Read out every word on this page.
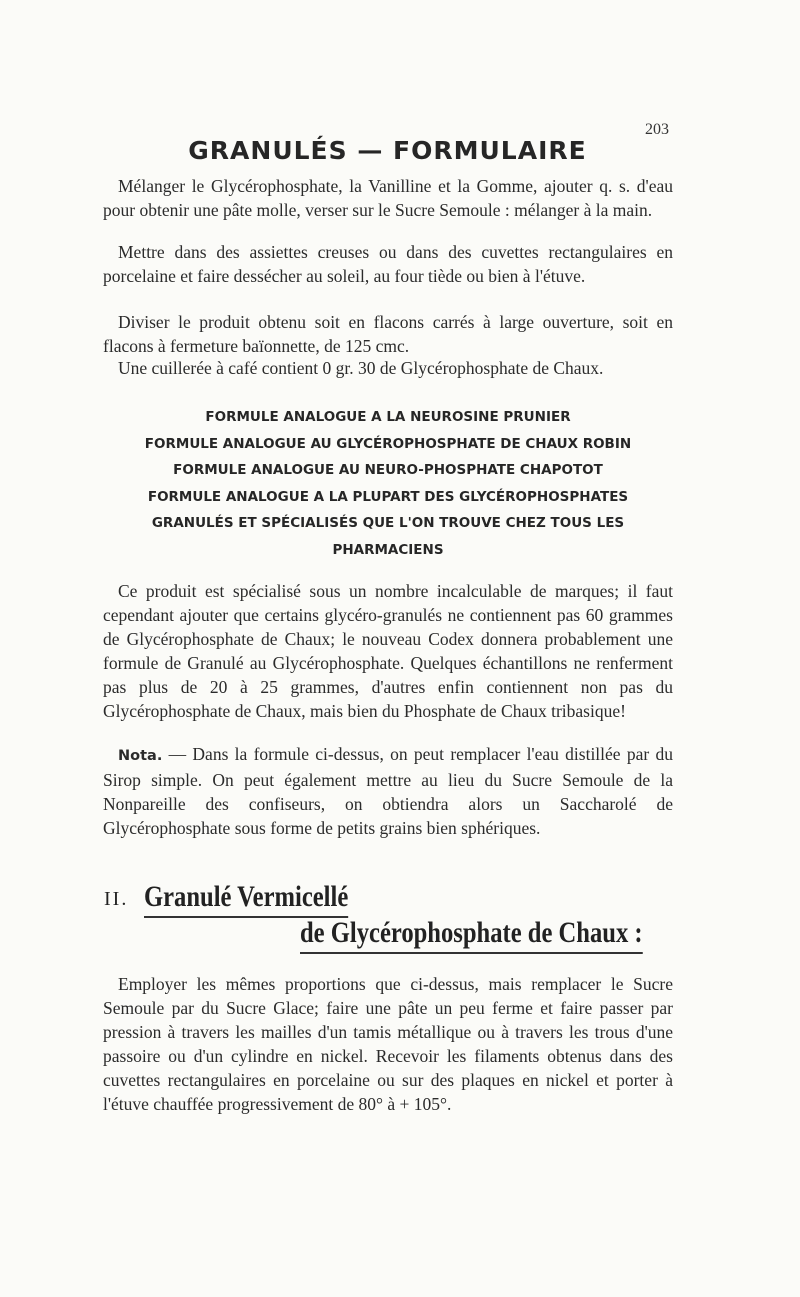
203
GRANULÉS — FORMULAIRE

Mélanger le Glycérophosphate, la Vanilline et la Gomme, ajouter q. s. d'eau pour obtenir une pâte molle, verser sur le Sucre Semoule : mélanger à la main.

Mettre dans des assiettes creuses ou dans des cuvettes rectangulaires en porcelaine et faire dessécher au soleil, au four tiède ou bien à l'étuve.

Diviser le produit obtenu soit en flacons carrés à large ouverture, soit en flacons à fermeture baïonnette, de 125 cmc.

Une cuillerée à café contient 0 gr. 30 de Glycérophosphate de Chaux.

FORMULE ANALOGUE A LA NEUROSINE PRUNIER
FORMULE ANALOGUE AU GLYCÉROPHOSPHATE DE CHAUX ROBIN
FORMULE ANALOGUE AU NEURO-PHOSPHATE CHAPOTOT
FORMULE ANALOGUE A LA PLUPART DES GLYCÉROPHOSPHATES
GRANULÉS ET SPÉCIALISÉS QUE L'ON TROUVE CHEZ TOUS LES
PHARMACIENS

Ce produit est spécialisé sous un nombre incalculable de marques; il faut cependant ajouter que certains glycéro-granulés ne contiennent pas 60 grammes de Glycérophosphate de Chaux; le nouveau Codex donnera probablement une formule de Granulé au Glycérophosphate. Quelques échantillons ne renferment pas plus de 20 à 25 grammes, d'autres enfin contiennent non pas du Glycérophosphate de Chaux, mais bien du Phosphate de Chaux tribasique!

Nota. — Dans la formule ci-dessus, on peut remplacer l'eau distillée par du Sirop simple. On peut également mettre au lieu du Sucre Semoule de la Nonpareille des confiseurs, on obtiendra alors un Saccharolé de Glycérophosphate sous forme de petits grains bien sphériques.

II. Granulé Vermicellé
de Glycérophosphate de Chaux :

Employer les mêmes proportions que ci-dessus, mais remplacer le Sucre Semoule par du Sucre Glace; faire une pâte un peu ferme et faire passer par pression à travers les mailles d'un tamis métallique ou à travers les trous d'une passoire ou d'un cylindre en nickel. Recevoir les filaments obtenus dans des cuvettes rectangulaires en porcelaine ou sur des plaques en nickel et porter à l'étuve chauffée progressivement de 80° à + 105°.
